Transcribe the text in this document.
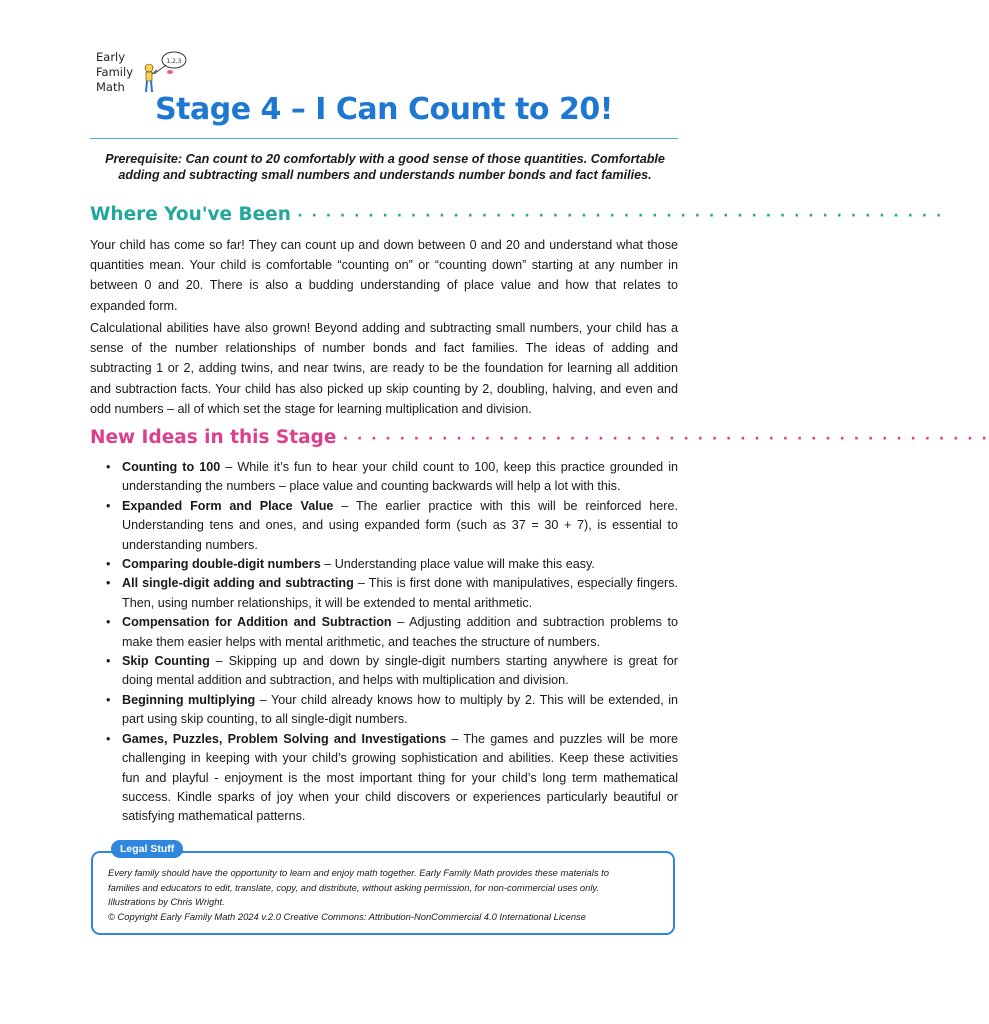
Early
Family
Math
1,2,3
Stage 4 – I Can Count to 20!

Prerequisite: Can count to 20 comfortably with a good sense of those quantities. Comfortable adding and subtracting small numbers and understands number bonds and fact families.

Where You've Been · · · · · · · · · · · · · · · · · · · · · · · · · · · · · · · · · · · · · · · · · · · · · ·

Your child has come so far! They can count up and down between 0 and 20 and understand what those quantities mean. Your child is comfortable “counting on” or “counting down” starting at any number in between 0 and 20. There is also a budding understanding of place value and how that relates to expanded form.

Calculational abilities have also grown! Beyond adding and subtracting small numbers, your child has a sense of the number relationships of number bonds and fact families. The ideas of adding and subtracting 1 or 2, adding twins, and near twins, are ready to be the foundation for learning all addition and subtraction facts. Your child has also picked up skip counting by 2, doubling, halving, and even and odd numbers – all of which set the stage for learning multiplication and division.

New Ideas in this Stage · · · · · · · · · · · · · · · · · · · · · · · · · · · · · · · · · · · · · · · · · · · · · ·
• Counting to 100 – While it’s fun to hear your child count to 100, keep this practice grounded in understanding the numbers – place value and counting backwards will help a lot with this.
• Expanded Form and Place Value – The earlier practice with this will be reinforced here. Understanding tens and ones, and using expanded form (such as 37 = 30 + 7), is essential to understanding numbers.
• Comparing double-digit numbers – Understanding place value will make this easy.
• All single-digit adding and subtracting – This is first done with manipulatives, especially fingers. Then, using number relationships, it will be extended to mental arithmetic.
• Compensation for Addition and Subtraction – Adjusting addition and subtraction problems to make them easier helps with mental arithmetic, and teaches the structure of numbers.
• Skip Counting – Skipping up and down by single-digit numbers starting anywhere is great for doing mental addition and subtraction, and helps with multiplication and division.
• Beginning multiplying – Your child already knows how to multiply by 2. This will be extended, in part using skip counting, to all single-digit numbers.
• Games, Puzzles, Problem Solving and Investigations – The games and puzzles will be more challenging in keeping with your child’s growing sophistication and abilities. Keep these activities fun and playful - enjoyment is the most important thing for your child’s long term mathematical success. Kindle sparks of joy when your child discovers or experiences particularly beautiful or satisfying mathematical patterns.
Legal Stuff

Every family should have the opportunity to learn and enjoy math together. Early Family Math provides these materials to
families and educators to edit, translate, copy, and distribute, without asking permission, for non-commercial uses only.
Illustrations by Chris Wright.
© Copyright Early Family Math 2024 v.2.0 Creative Commons: Attribution-NonCommercial 4.0 International License
